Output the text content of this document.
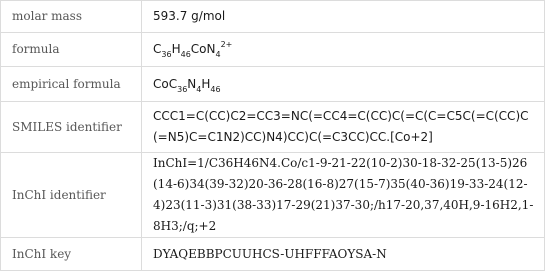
molar mass	593.7 g/mol
formula	$C_{36}H_{46}CoN_4^{2+}$
empirical formula	$CoC_{36}N_4H_{46}$
SMILES identifier	CCC1=C(CC)C2=CC3=NC(=CC4=C(CC)C(=C(C=C5C(=C(CC)C(=N5)C=C1N2)CC)N4)CC)C(=C3CC)CC.[Co+2]
InChI identifier	InChI=1/C36H46N4.Co/c1-9-21-22(10-2)30-18-32-25(13-5)26(14-6)34(39-32)20-36-28(16-8)27(15-7)35(40-36)19-33-24(12-4)23(11-3)31(38-33)17-29(21)37-30;/h17-20,37,40H,9-16H2,1-8H3;/q;+2
InChI key	DYAQEBBPCUUHCS-UHFFFAOYSA-N
